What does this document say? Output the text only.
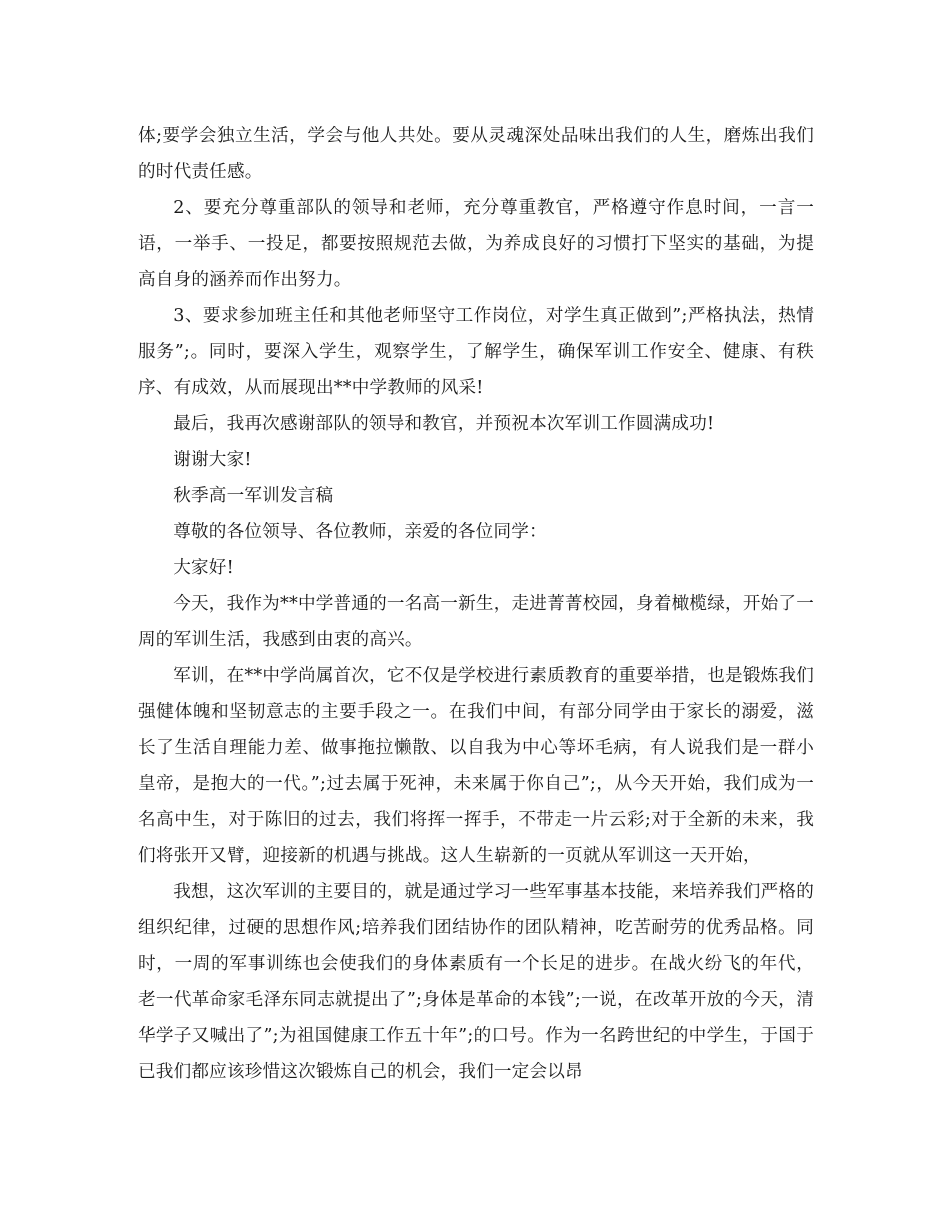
体;要学会独立生活，学会与他人共处。要从灵魂深处品味出我们的人生，磨炼出我们的时代责任感。

2、要充分尊重部队的领导和老师，充分尊重教官，严格遵守作息时间，一言一语，一举手、一投足，都要按照规范去做，为养成良好的习惯打下坚实的基础，为提高自身的涵养而作出努力。

3、要求参加班主任和其他老师坚守工作岗位，对学生真正做到”;严格执法，热情服务”;。同时，要深入学生，观察学生，了解学生，确保军训工作安全、健康、有秩序、有成效，从而展现出**中学教师的风采!

最后，我再次感谢部队的领导和教官，并预祝本次军训工作圆满成功!

谢谢大家!

秋季高一军训发言稿

尊敬的各位领导、各位教师，亲爱的各位同学：

大家好!

今天，我作为**中学普通的一名高一新生，走进菁菁校园，身着橄榄绿，开始了一周的军训生活，我感到由衷的高兴。

军训，在**中学尚属首次，它不仅是学校进行素质教育的重要举措，也是锻炼我们强健体魄和坚韧意志的主要手段之一。在我们中间，有部分同学由于家长的溺爱，滋长了生活自理能力差、做事拖拉懒散、以自我为中心等坏毛病，有人说我们是一群小皇帝，是抱大的一代。”;过去属于死神，未来属于你自己”;，从今天开始，我们成为一名高中生，对于陈旧的过去，我们将挥一挥手，不带走一片云彩;对于全新的未来，我们将张开又臂，迎接新的机遇与挑战。这人生崭新的一页就从军训这一天开始，

我想，这次军训的主要目的，就是通过学习一些军事基本技能，来培养我们严格的组织纪律，过硬的思想作风;培养我们团结协作的团队精神，吃苦耐劳的优秀品格。同时，一周的军事训练也会使我们的身体素质有一个长足的进步。在战火纷飞的年代，老一代革命家毛泽东同志就提出了”;身体是革命的本钱”;一说，在改革开放的今天，清华学子又喊出了”;为祖国健康工作五十年”;的口号。作为一名跨世纪的中学生，于国于已我们都应该珍惜这次锻炼自己的机会，我们一定会以昂
